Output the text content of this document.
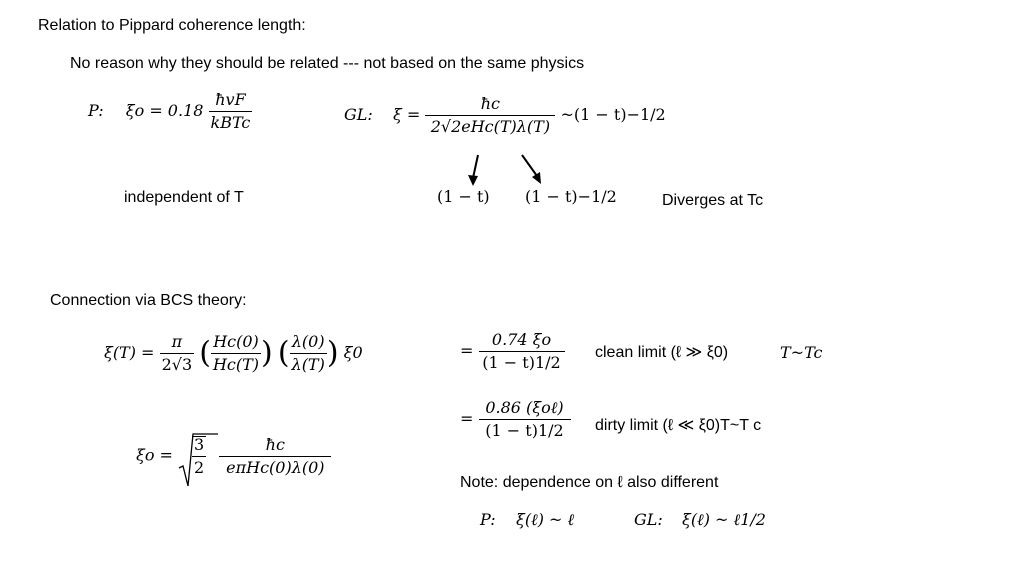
Relation to Pippard coherence length:
No reason why they should be related --- not based on the same physics
P: $\xi o = 0.18 \frac{\text{ħvF}}{\text{kBTc}}$	GL: $\xi = \frac{ħc}{\text{2√2eHc(T)λ(T)}}$ ~(1 − t)−1/2
independent of T	(1 − t) (1 − t)−1/2	Diverges at Tc
Connection via BCS theory:
$\xi(T) = \frac{\pi}{2√3}$ ( $\frac{Hc(0)}{Hc(T)}$ ) ( $\frac{\lambda(0)}{\lambda(T)}$ ) ξ0	= $\frac{0.74 \xi o}{(1 - t)1/2}$ clean limit (ℓ ≫ ξ0)	T~Tc
= $\frac{\text{0.86 (ξoℓ)}}{(1 - t)1/2}$ dirty limit (ℓ ≪ ξ0)T~T c
$\xi o = \frac{3}{2}$
$\frac{ħc}{\text{eπHc(0)λ(0)}}$
Note: dependence on ℓ also different
P: ξ(ℓ) ~ ℓ	GL: ξ(ℓ) ~ ℓ1/2
